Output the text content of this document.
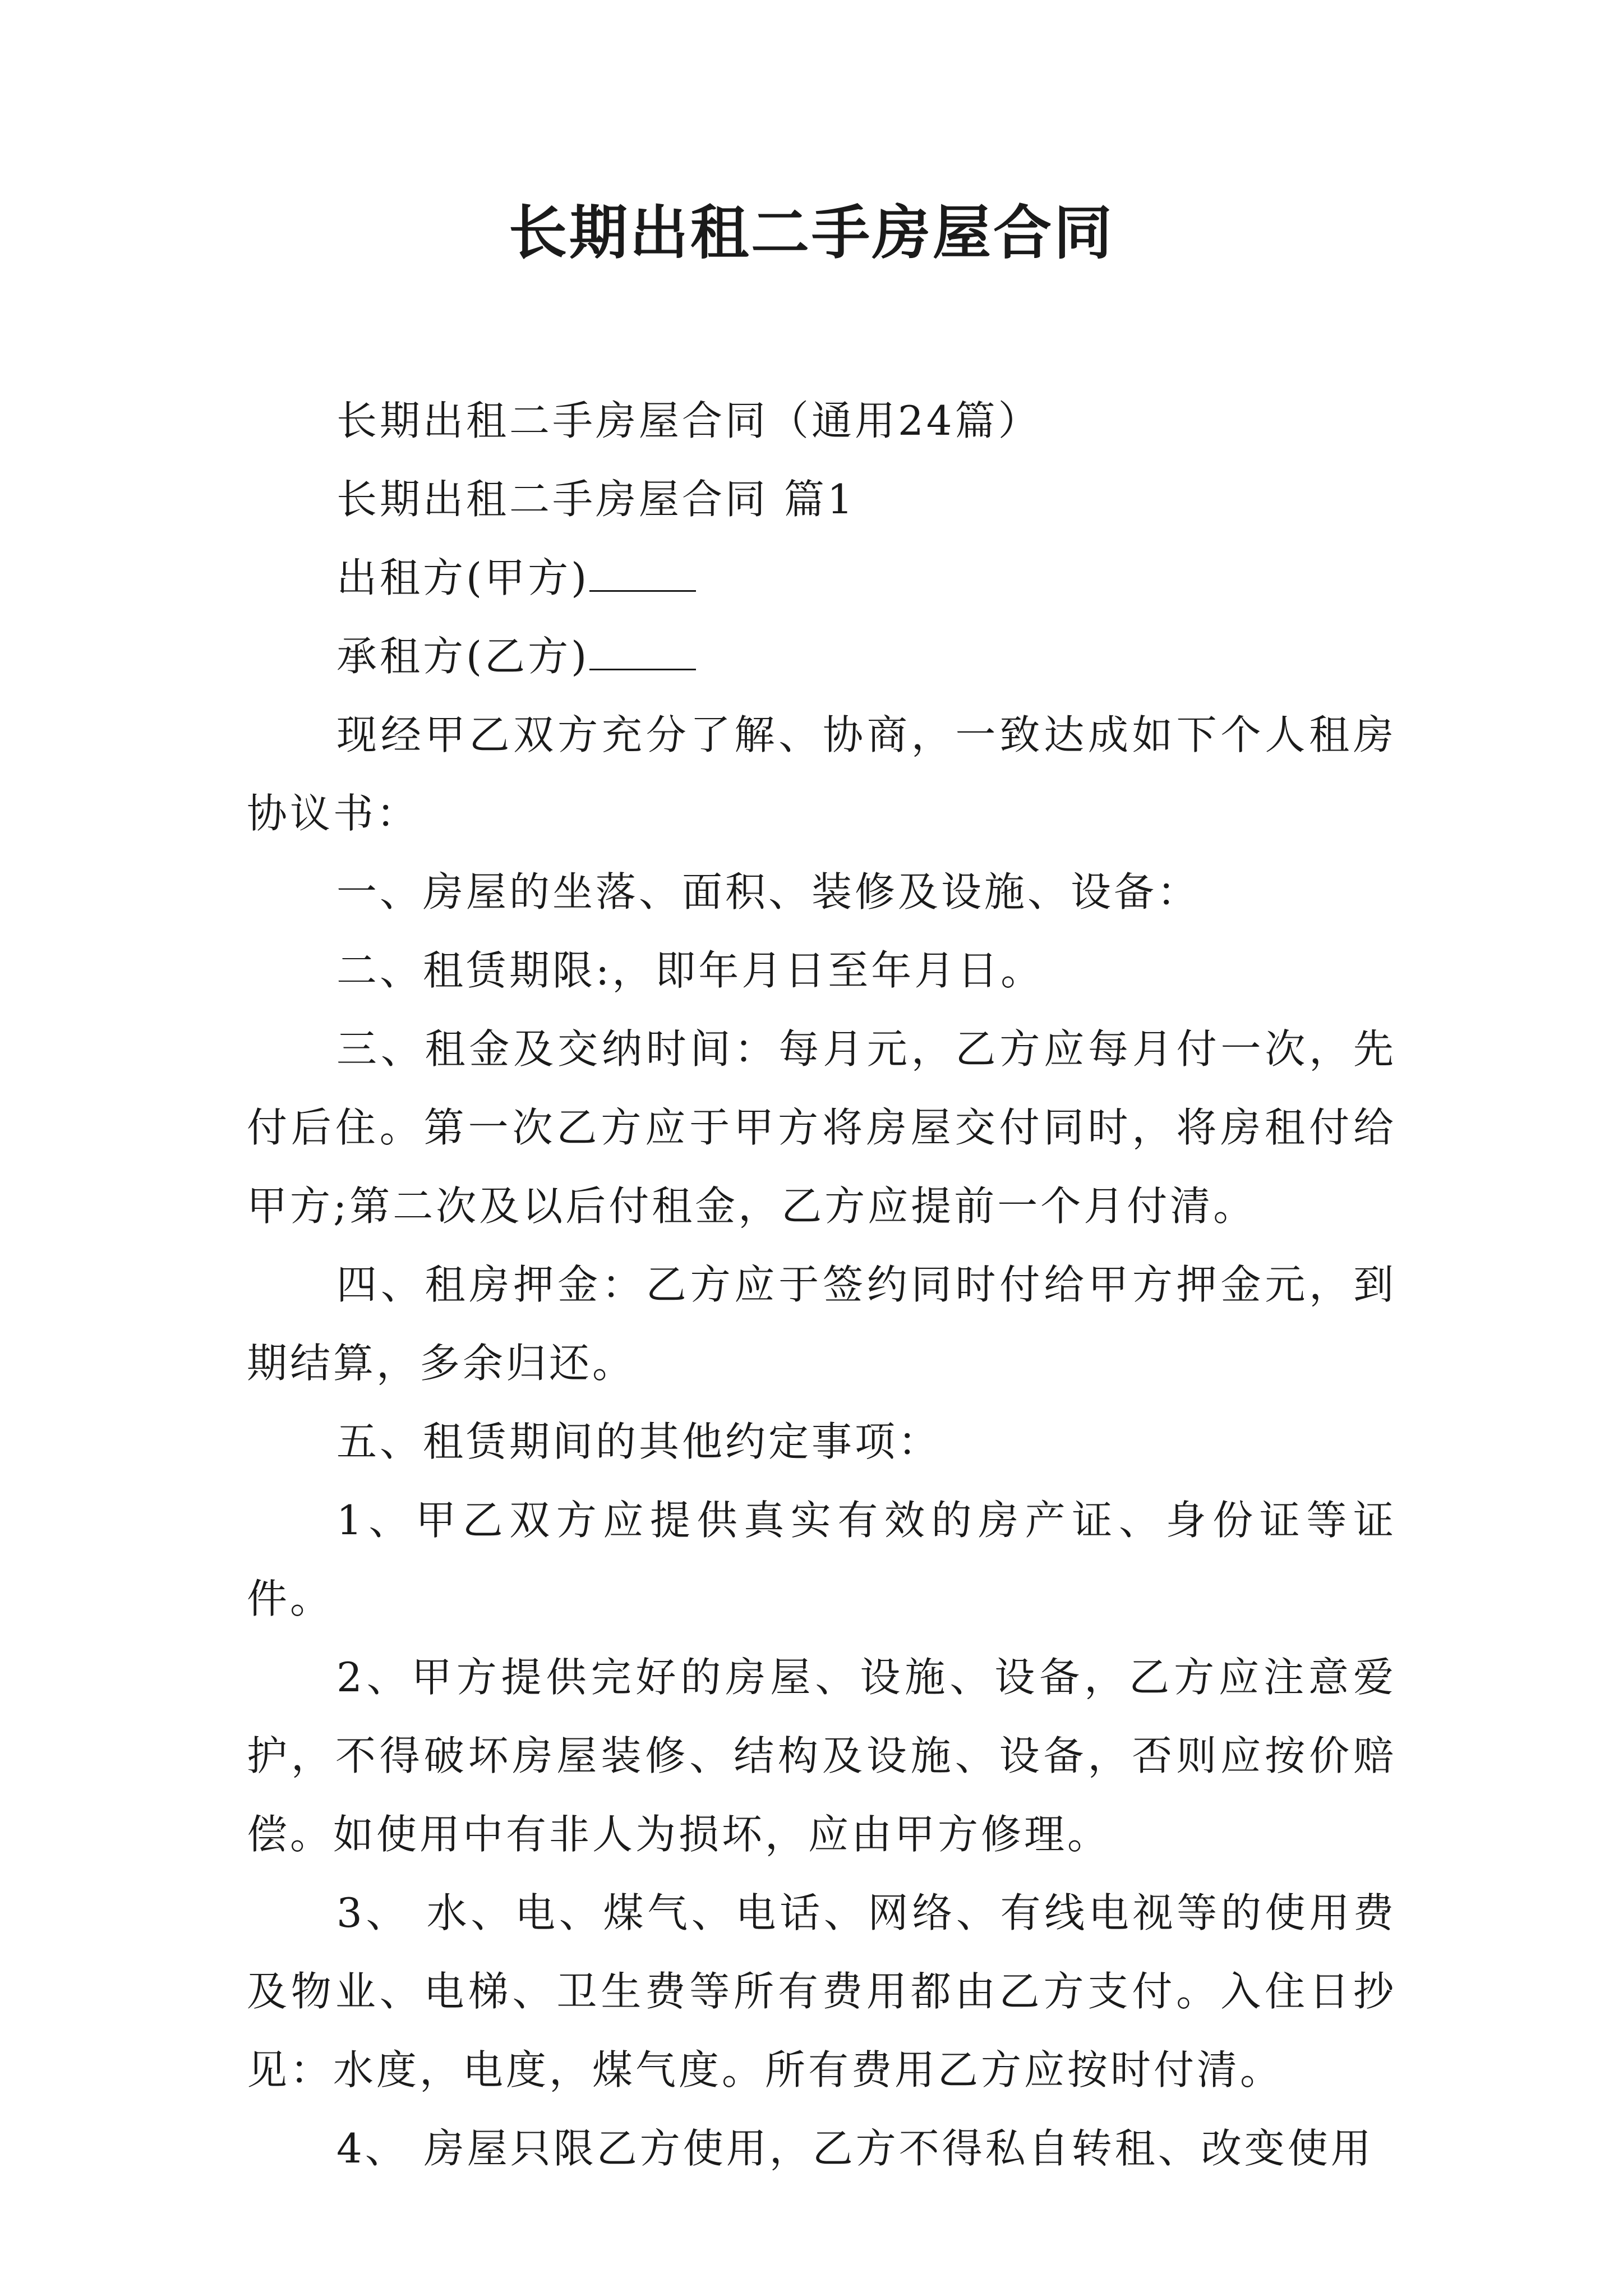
长期出租二手房屋合同

长期出租二手房屋合同（通用24篇）

长期出租二手房屋合同 篇1

出租方(甲方)

承租方(乙方)

现经甲乙双方充分了解、协商，一致达成如下个人租房协议书：

一、房屋的坐落、面积、装修及设施、设备：

二、租赁期限:，即年月日至年月日。

三、租金及交纳时间：每月元，乙方应每月付一次，先付后住。第一次乙方应于甲方将房屋交付同时，将房租付给甲方;第二次及以后付租金，乙方应提前一个月付清。

四、租房押金：乙方应于签约同时付给甲方押金元，到期结算，多余归还。

五、租赁期间的其他约定事项：

1、甲乙双方应提供真实有效的房产证、身份证等证件。

2、甲方提供完好的房屋、设施、设备，乙方应注意爱护，不得破坏房屋装修、结构及设施、设备，否则应按价赔偿。如使用中有非人为损坏，应由甲方修理。

3、 水、电、煤气、电话、网络、有线电视等的使用费及物业、电梯、卫生费等所有费用都由乙方支付。入住日抄见：水度，电度，煤气度。所有费用乙方应按时付清。

4、 房屋只限乙方使用，乙方不得私自转租、改变使用
